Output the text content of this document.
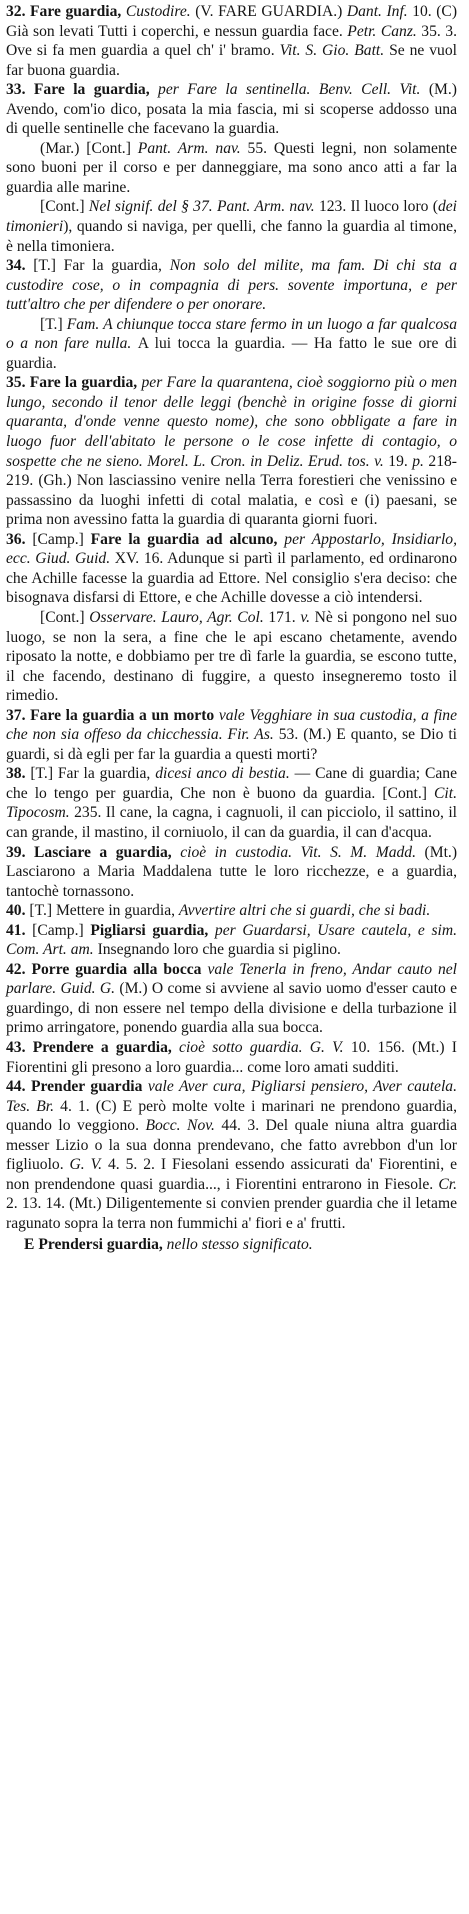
32. Fare guardia, Custodire. (V. FARE GUARDIA.) Dant. Inf. 10. (C) Già son levati Tutti i coperchi, e nessun guardia face. Petr. Canz. 35. 3. Ove si fa men guardia a quel ch' i' bramo. Vit. S. Gio. Batt. Se ne vuol far buona guardia.

33. Fare la guardia, per Fare la sentinella. Benv. Cell. Vit. (M.) Avendo, com'io dico, posata la mia fascia, mi si scoperse addosso una di quelle sentinelle che facevano la guardia.

(Mar.) [Cont.] Pant. Arm. nav. 55. Questi legni, non solamente sono buoni per il corso e per danneggiare, ma sono anco atti a far la guardia alle marine.

[Cont.] Nel signif. del § 37. Pant. Arm. nav. 123. Il luoco loro (dei timonieri), quando si naviga, per quelli, che fanno la guardia al timone, è nella timoniera.

34. [T.] Far la guardia, Non solo del milite, ma fam. Di chi sta a custodire cose, o in compagnia di pers. sovente importuna, e per tutt'altro che per difendere o per onorare.

[T.] Fam. A chiunque tocca stare fermo in un luogo a far qualcosa o a non fare nulla. A lui tocca la guardia. — Ha fatto le sue ore di guardia.

35. Fare la guardia, per Fare la quarantena, cioè soggiorno più o men lungo, secondo il tenor delle leggi (benchè in origine fosse di giorni quaranta, d'onde venne questo nome), che sono obbligate a fare in luogo fuor dell'abitato le persone o le cose infette di contagio, o sospette che ne sieno. Morel. L. Cron. in Deliz. Erud. tos. v. 19. p. 218-219. (Gh.) Non lasciassino venire nella Terra forestieri che venissino e passassino da luoghi infetti di cotal malatia, e così e (i) paesani, se prima non avessino fatta la guardia di quaranta giorni fuori.

36. [Camp.] Fare la guardia ad alcuno, per Appostarlo, Insidiarlo, ecc. Giud. Guid. XV. 16. Adunque si partì il parlamento, ed ordinarono che Achille facesse la guardia ad Ettore. Nel consiglio s'era deciso: che bisognava disfarsi di Ettore, e che Achille dovesse a ciò intendersi.

[Cont.] Osservare. Lauro, Agr. Col. 171. v. Nè si pongono nel suo luogo, se non la sera, a fine che le api escano chetamente, avendo riposato la notte, e dobbiamo per tre dì farle la guardia, se escono tutte, il che facendo, destinano di fuggire, a questo insegneremo tosto il rimedio.

37. Fare la guardia a un morto vale Vegghiare in sua custodia, a fine che non sia offeso da chicchessia. Fir. As. 53. (M.) E quanto, se Dio ti guardi, si dà egli per far la guardia a questi morti?

38. [T.] Far la guardia, dicesi anco di bestia. — Cane di guardia; Cane che lo tengo per guardia, Che non è buono da guardia. [Cont.] Cit. Tipocosm. 235. Il cane, la cagna, i cagnuoli, il can picciolo, il sattino, il can grande, il mastino, il corniuolo, il can da guardia, il can d'acqua.

39. Lasciare a guardia, cioè in custodia. Vit. S. M. Madd. (Mt.) Lasciarono a Maria Maddalena tutte le loro ricchezze, e a guardia, tantochè tornassono.

40. [T.] Mettere in guardia, Avvertire altri che si guardi, che si badi.

41. [Camp.] Pigliarsi guardia, per Guardarsi, Usare cautela, e sim. Com. Art. am. Insegnando loro che guardia si piglino.

42. Porre guardia alla bocca vale Tenerla in freno, Andar cauto nel parlare. Guid. G. (M.) O come si avviene al savio uomo d'esser cauto e guardingo, di non essere nel tempo della divisione e della turbazione il primo arringatore, ponendo guardia alla sua bocca.

43. Prendere a guardia, cioè sotto guardia. G. V. 10. 156. (Mt.) I Fiorentini gli presono a loro guardia... come loro amati sudditi.

44. Prender guardia vale Aver cura, Pigliarsi pensiero, Aver cautela. Tes. Br. 4. 1. (C) E però molte volte i marinari ne prendono guardia, quando lo veggiono. Bocc. Nov. 44. 3. Del quale niuna altra guardia messer Lizio o la sua donna prendevano, che fatto avrebbon d'un lor figliuolo. G. V. 4. 5. 2. I Fiesolani essendo assicurati da' Fiorentini, e non prendendone quasi guardia..., i Fiorentini entrarono in Fiesole. Cr. 2. 13. 14. (Mt.) Diligentemente si convien prender guardia che il letame ragunato sopra la terra non fummichi a' fiori e a' frutti.

E Prendersi guardia, nello stesso significato.
